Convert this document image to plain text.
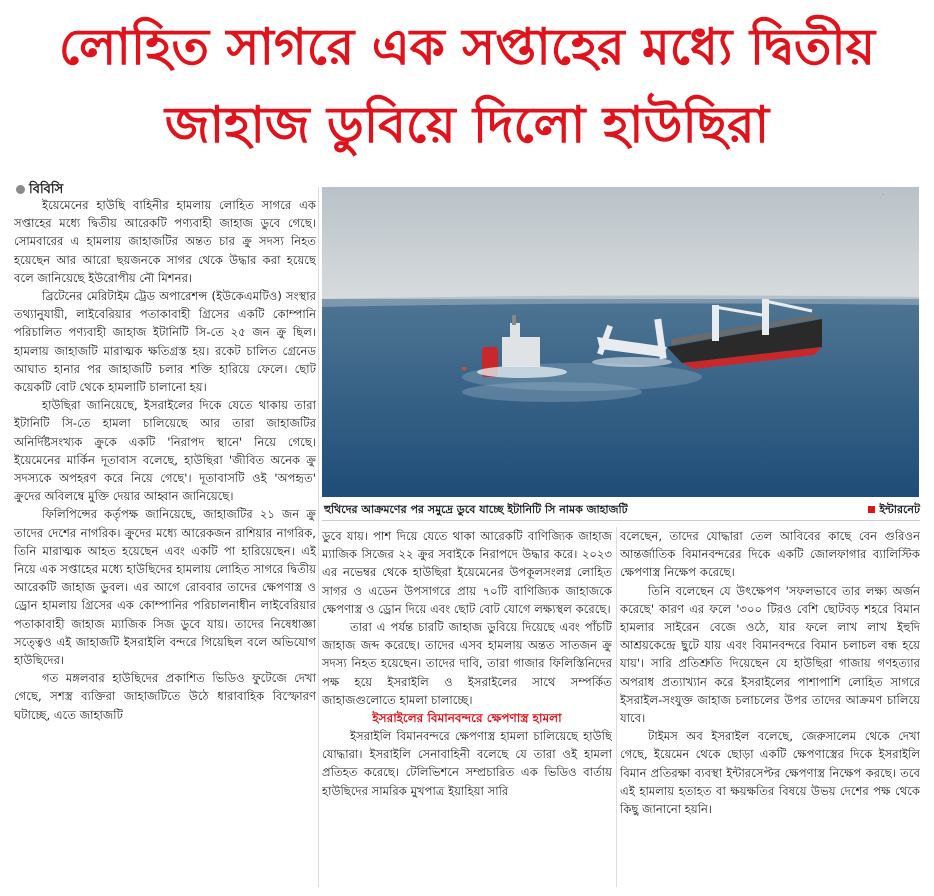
লোহিত সাগরে এক সপ্তাহের মধ্যে দ্বিতীয়
জাহাজ ডুবিয়ে দিলো হাউছিরা
বিবিসি

ইয়েমেনের হাউছি বাহিনীর হামলায় লোহিত সাগরে এক সপ্তাহের মধ্যে দ্বিতীয় আরেকটি পণ্যবাহী জাহাজ ডুবে গেছে। সোমবারের এ হামলায় জাহাজটির অন্তত চার ক্রু সদস্য নিহত হয়েছেন আর আরো ছয়জনকে সাগর থেকে উদ্ধার করা হয়েছে বলে জানিয়েছে ইউরোপীয় নৌ মিশনর।

ব্রিটেনের মেরিটাইম ট্রেড অপারেশন্স (ইউকেএমটিও) সংস্থার তথ্যানুযায়ী, লাইবেরিয়ার পতাকাবাহী গ্রিসের একটি কোম্পানি পরিচালিত পণ্যবাহী জাহাজ ইটানিটি সি-তে ২৫ জন ক্রু ছিল। হামলায় জাহাজটি মারাত্মক ক্ষতিগ্রস্ত হয়। রকেট চালিত গ্রেনেড আঘাত হানার পর জাহাজটি চলার শক্তি হারিয়ে ফেলে। ছোট কয়েকটি বোট থেকে হামলাটি চালানো হয়।

হাউছিরা জানিয়েছে, ইসরাইলের দিকে যেতে থাকায় তারা ইটানিটি সি-তে হামলা চালিয়েছে আর তারা জাহাজটির অনির্দিষ্টসংখ্যক ক্রুকে একটি 'নিরাপদ স্থানে' নিয়ে গেছে। ইয়েমেনের মার্কিন দূতাবাস বলেছে, হাউছিরা 'জীবিত অনেক ক্রু সদস্যকে অপহরণ করে নিয়ে গেছে'। দূতাবাসটি ওই 'অপহৃত' ক্রুদের অবিলম্বে মুক্তি দেয়ার আহ্বান জানিয়েছে।

ফিলিপিন্সের কর্তৃপক্ষ জানিয়েছে, জাহাজটির ২১ জন ক্রু তাদের দেশের নাগরিক। ক্রুদের মধ্যে আরেকজন রাশিয়ার নাগরিক, তিনি মারাত্মক আহত হয়েছেন এবং একটি পা হারিয়েছেন। এই নিয়ে এক সপ্তাহের মধ্যে হাউছিদের হামলায় লোহিত সাগরে দ্বিতীয় আরেকটি জাহাজ ডুবল। এর আগে রোববার তাদের ক্ষেপণাস্ত্র ও ড্রোন হামলায় গ্রিসের এক কোম্পানির পরিচালনাধীন লাইবেরিয়ার পতাকাবাহী জাহাজ ম্যাজিক সিজ ডুবে যায়। তাদের নিষেধাজ্ঞা সত্ত্বেও এই জাহাজটি ইসরাইলি বন্দরে গিয়েছিল বলে অভিযোগ হাউছিদের।

গত মঙ্গলবার হাউছিদের প্রকাশিত ভিডিও ফুটেজে দেখা গেছে, সশস্ত্র ব্যক্তিরা জাহাজটিতে উঠে ধারাবাহিক বিস্ফোরণ ঘটাচ্ছে, এতে জাহাজটি

·
হুথিদের আক্রমণের পর সমুদ্রে ডুবে যাচ্ছে ইটানিটি সি নামক জাহাজটি	ইন্টারনেট

ডুবে যায়। পাশ দিয়ে যেতে থাকা আরেকটি বাণিজ্যিক জাহাজ ম্যাজিক সিজের ২২ ক্রুর সবাইকে নিরাপদে উদ্ধার করে। ২০২৩ এর নভেম্বর থেকে হাউছিরা ইয়েমেনের উপকূলসংলগ্ন লোহিত সাগর ও এডেন উপসাগরে প্রায় ৭০টি বাণিজ্যিক জাহাজকে ক্ষেপণাস্ত্র ও ড্রোন দিয়ে এবং ছোট বোট যোগে লক্ষ্যস্থল করেছে।

তারা এ পর্যন্ত চারটি জাহাজ ডুবিয়ে দিয়েছে এবং পাঁচটি জাহাজ জব্দ করেছে। তাদের এসব হামলায় অন্তত সাতজন ক্রু সদস্য নিহত হয়েছেন। তাদের দাবি, তারা গাজার ফিলিস্তিনিদের পক্ষ হয়ে ইসরাইলি ও ইসরাইলের সাথে সম্পর্কিত জাহাজগুলোতে হামলা চালাচ্ছে।

ইসরাইলের বিমানবন্দরে ক্ষেপণাস্ত্র হামলা

ইসরাইলি বিমানবন্দরে ক্ষেপণাস্ত্র হামলা চালিয়েছে হাউছি যোদ্ধারা। ইসরাইলি সেনাবাহিনী বলেছে যে তারা ওই হামলা প্রতিহত করেছে। টেলিভিশনে সম্প্রচারিত এক ভিডিও বার্তায় হাউছিদের সামরিক মুখপাত্র ইয়াহিয়া সারি

বলেছেন, তাদের যোদ্ধারা তেল আবিবের কাছে বেন গুরিওন আন্তর্জাতিক বিমানবন্দরের দিকে একটি জোলফাগার ব্যালিস্টিক ক্ষেপণাস্ত্র নিক্ষেপ করেছে।

তিনি বলেছেন যে উৎক্ষেপণ 'সফলভাবে তার লক্ষ্য অর্জন করেছে' কারণ এর ফলে '৩০০ টিরও বেশি ছোটবড় শহরে বিমান হামলার সাইরেন বেজে ওঠে, যার ফলে লাখ লাখ ইহুদি আশ্রয়কেন্দ্রে ছুটে যায় এবং বিমানবন্দরে বিমান চলাচল বন্ধ হয়ে যায়'। সারি প্রতিশ্রুতি দিয়েছেন যে হাউছিরা গাজায় গণহত্যার অপরাধ প্রত্যাখ্যান করে ইসরাইলের পাশাপাশি লোহিত সাগরে ইসরাইল-সংযুক্ত জাহাজ চলাচলের উপর তাদের আক্রমণ চালিয়ে যাবে।

টাইমস অব ইসরাইল বলেছে, জেরুসালেম থেকে দেখা গেছে, ইয়েমেন থেকে ছোড়া একটি ক্ষেপণাস্ত্রের দিকে ইসরাইলি বিমান প্রতিরক্ষা ব্যবস্থা ইন্টারসেপ্টর ক্ষেপণাস্ত্র নিক্ষেপ করছে। তবে এই হামলায় হতাহত বা ক্ষয়ক্ষতির বিষয়ে উভয় দেশের পক্ষ থেকে কিছু জানানো হয়নি।
